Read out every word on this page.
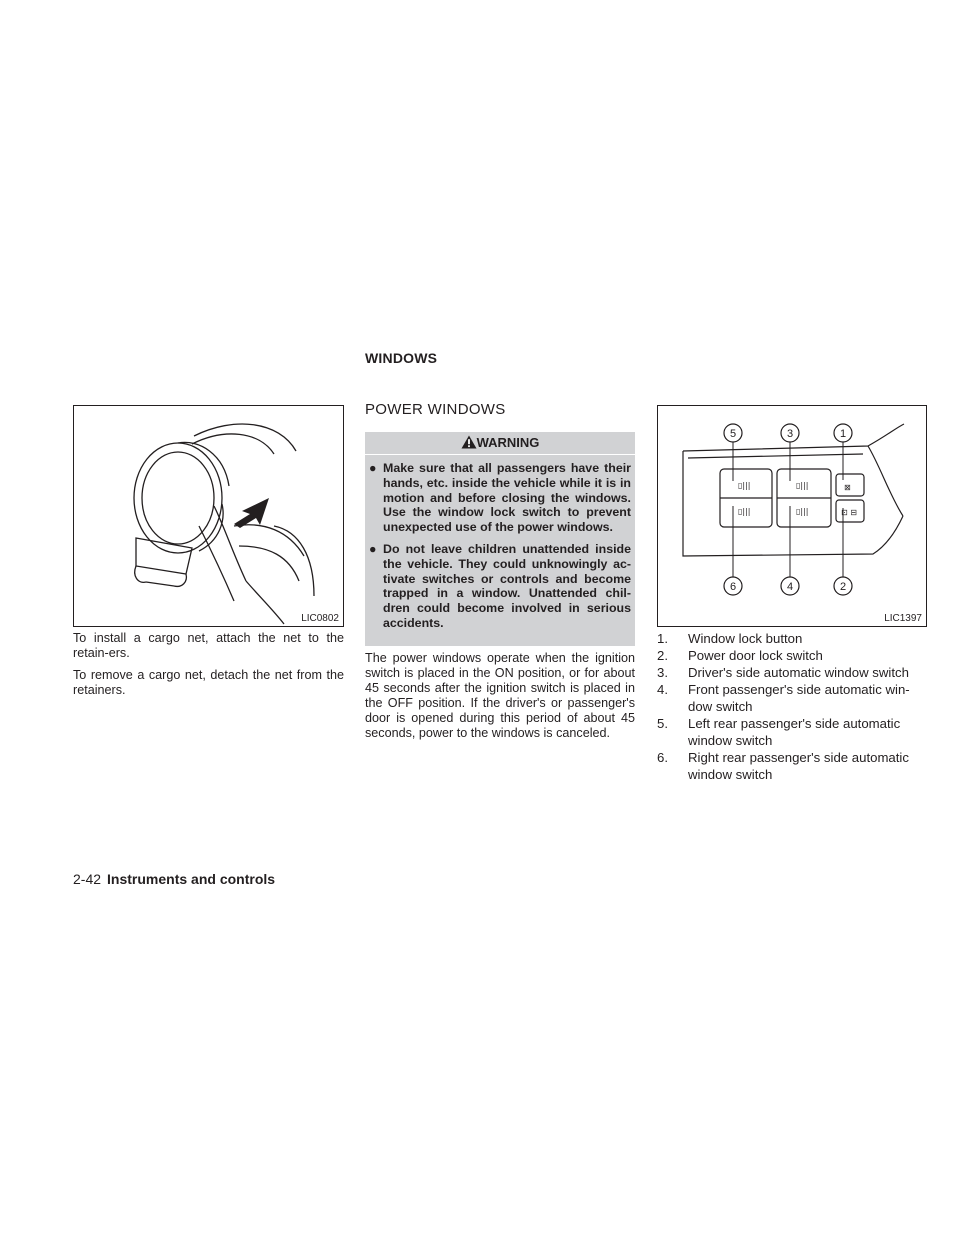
WINDOWS
LIC0802

To install a cargo net, attach the net to the retain-ers.

To remove a cargo net, detach the net from the retainers.

POWER WINDOWS
WARNING
● Make sure that all passengers have their hands, etc. inside the vehicle while it is in motion and before closing the windows. Use the window lock switch to prevent unexpected use of the power windows.
● Do not leave children unattended inside the vehicle. They could unknowingly ac-tivate switches or controls and become trapped in a window. Unattended chil-dren could become involved in serious accidents.

The power windows operate when the ignition switch is placed in the ON position, or for about 45 seconds after the ignition switch is placed in the OFF position. If the driver's or passenger's door is opened during this period of about 45 seconds, power to the windows is canceled.

▯|||
▯|||
▯|||
▯|||
⊠
⊡ ⊟
5	3	1
6	4	2
LIC1397
1. Window lock button
2. Power door lock switch
3. Driver's side automatic window switch
4. Front passenger's side automatic win-dow switch
5. Left rear passenger's side automatic window switch
6. Right rear passenger's side automatic window switch
2-42 Instruments and controls
